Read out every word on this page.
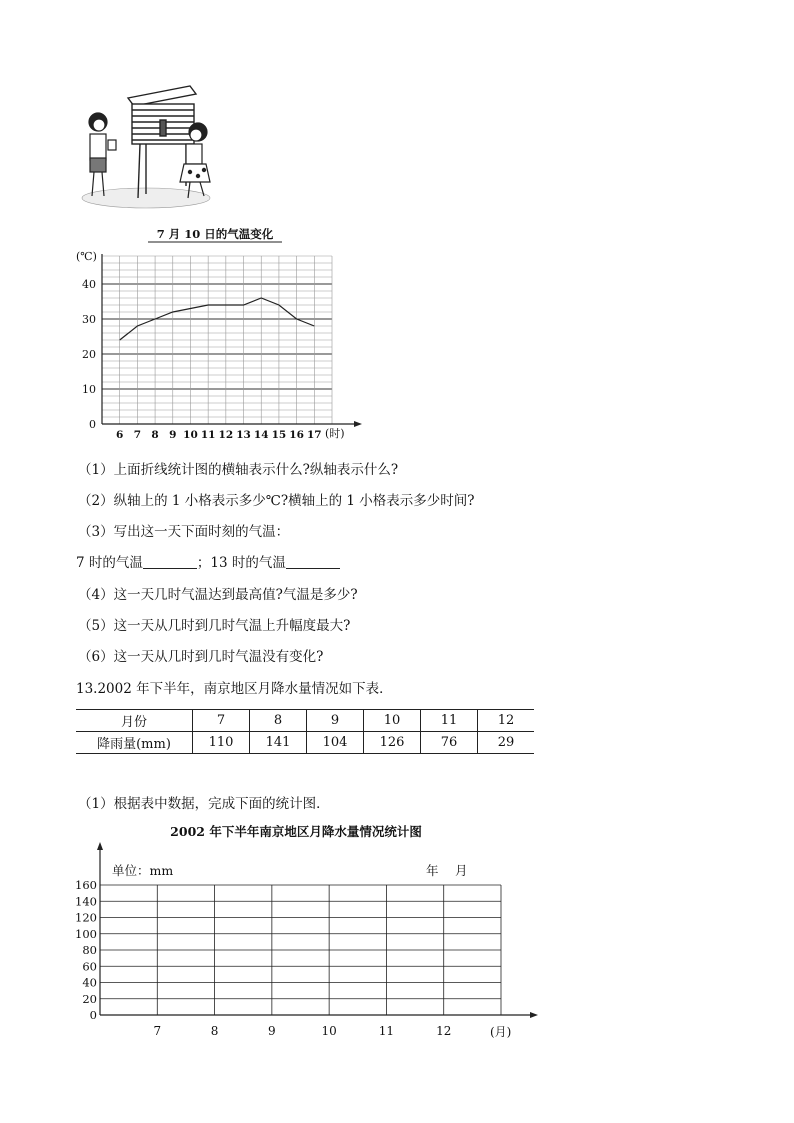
7 月 10 日的气温变化
(℃)
(时)
0
10
20
30
40
6 7 8 9 10 11 12 13 14 15 16 17
（1）上面折线统计图的横轴表示什么?纵轴表示什么?
（2）纵轴上的 1 小格表示多少℃?横轴上的 1 小格表示多少时间?
（3）写出这一天下面时刻的气温：
7 时的气温	；13 时的气温
（4）这一天几时气温达到最高值?气温是多少?
（5）这一天从几时到几时气温上升幅度最大?
（6）这一天从几时到几时气温没有变化?
13.2002 年下半年，南京地区月降水量情况如下表．
月份	7	8	9	10	11	12
降雨量(mm)	110	141	104	126	76	29
（1）根据表中数据，完成下面的统计图．
2002 年下半年南京地区月降水量情况统计图
单位：mm	年　 月
(月)
0
20
40
60
80
100
120
140
160
7	8	9	10	11	12
